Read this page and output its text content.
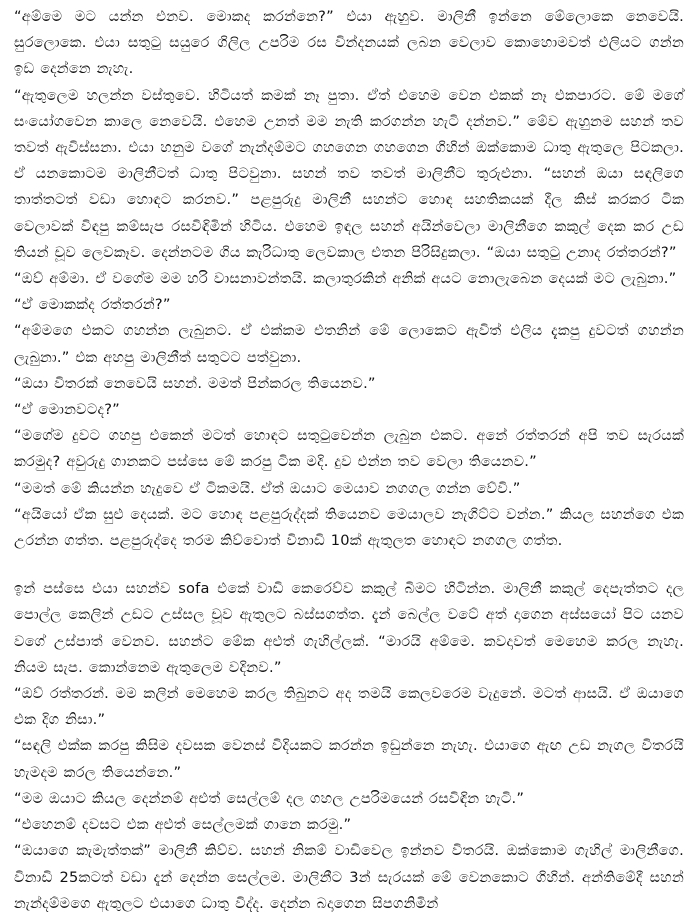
“අම්මෙ මට යන්න එනව. මොකද කරන්නෙ?” එයා ඇහුව. මාලිනී ඉන්නෙ මේලොකෙ නෙවෙයි. සුරලොකෙ. එයා සතුටු සයුරෙ ගිලිල උපරිම රස වින්දනයක් ලබන වෙලාව කොහොමවත් එලියට ගන්න ඉඩ දෙන්නෙ නැහැ.

“ඇතුලෙම හලන්න වස්තුවෙ. හිටියත් කමක් නෑ පුතා. ඒත් එහෙම වෙන එකක් නෑ එකපාරට. මේ මගේ සංයෝගවෙන කාලෙ නෙවෙයි. එහෙම උනත් මම නැති කරගන්න හැටි දන්නව.” මේව ඇහුනම සහන් තව තවත් ඇවිස්සනා. එයා හනුම වගේ නැන්දම්මට ගහගෙන ගහගෙන ගිහින් ඔක්කොම ධාතු ඇතුලෙ පිටකලා. ඒ යනකොටම මාලිනීටත් ධාතු පිටවුනා. සහන් තව තවත් මාලිනීට තුරුළුනා. “සහන් ඔයා සඳලිගෙ තාත්තටත් වඩා හොඳට කරනව.” පළපුරුදු මාලිනී සහන්ට හොඳ සහතිකයක් දීල කිස් කරකර ටික වෙලාවක් විඳපු කම්සැප රසවිඳිමින් හිටිය. එහෙම ඉඳල සහන් අයින්වෙලා මාලිනීගෙ කකුල් දෙක කර උඩ තියන් චූව ලෙවකෑව. දෙන්නටම ගිය කැරිධාතු ලෙවකාල එතන පිරිසිදුකලා. “ඔයා සතුටු උනාද රත්තරන්?”

“ඔව් අම්මා. ඒ වගේම මම හරි වාසනාවන්තයි. කලාතුරකින් අනික් අයට නොලැබෙන දෙයක් මට ලැබුනා.”

“ඒ මොකක්ද රත්තරන්?”

“අම්මගෙ එකට ගහන්න ලැබුනට. ඒ එක්කම එතනින් මේ ලොකෙට ඇවිත් එලිය දැකපු දුවටත් ගහන්න ලැබුනා.” එක අහපු මාලිනීත් සතුටට පත්වුනා.

“ඔයා විතරක් නෙවෙයි සහන්. මමත් පින්කරල තියෙනව.”

“ඒ මොනවටද?”

“මගේම දුවට ගහපු එකෙන් මටත් හොඳට සතුටුවෙන්න ලැබුන එකට. අනේ රත්තරන් අපි තව සැරයක් කරමුද? අවුරුදු ගානකට පස්සෙ මේ කරපු ටික මදි. දුව එන්න තව වෙලා තියෙනව.”

“මමත් මේ කියන්න හැදුවෙ ඒ ටිකමයි. ඒත් ඔයාට මෙයාව නගගල ගන්න වේවි.”

“අයියෝ ඒක සුළු දෙයක්. මට හොඳ පළපුරුද්දක් තියෙනව මෙයාලව නැගිට්ට වන්න.” කියල සහන්ගෙ එක උරන්න ගත්ත. පළපුරුද්දෙ තරම කිව්වොත් විනාඩි 10ක් ඇතුලත හොඳට නගගල ගත්ත.

ඉන් පස්සෙ එයා සහන්ව sofa එකේ වාඩි කෙරෙව්ව කකුල් බිමට හිටින්න. මාලිනී කකුල් දෙපැත්තට දල පොල්ල කෙලින් උඩට උස්සල චූව ඇතුලට බස්සගත්ත. දැන් බෙල්ල වටේ අත් දාගෙන අස්සයෝ පිට යනව වගේ උස්පාත් වෙනව. සහන්ට මේක අළුත් ගැහිල්ලක්. “මාරයි අම්මෙ. කවදාවත් මෙහෙම කරල නැහැ. නියම සැප. කොන්නෙම ඇතුලෙම වදිනව.”

“ඔව් රත්තරන්. මම කලින් මෙහෙම කරල තිබුනට අද තමයි කෙලවරෙම වැදුනේ. මටත් ආසයි. ඒ ඔයාගෙ එක දිග නිසා.”

“සඳලි එක්ක කරපු කිසිම දවසක වෙනස් විදියකට කරන්න ඉඩුන්නෙ නැහැ. එයාගෙ ඇඟ උඩ නැගල විතරයි හැමදම කරල තියෙන්නෙ.”

“මම ඔයාට කියල දෙන්නම් අළුත් සෙල්ලම් දල ගහල උපරිමයෙන් රසවිඳින හැටි.”

“එහෙනම් දවසට එක අළුත් සෙල්ලමක් ගානෙ කරමු.”

“ඔයාගෙ කැමැත්තක්” මාලිනී කිව්ව. සහන් නිකම් වාඩිවෙල ඉන්නව විතරයි. ඔක්කොම ගැහිල් මාලිනීගෙ. විනාඩි 25කටත් වඩා දැන් දෙන්න සෙල්ලම. මාලිනීට 3න් සැරයක් මේ වෙනකොට ගිහින්. අන්තිමේදී සහන් නැන්දම්මගෙ ඇතුලට එයාගෙ ධාතු විද්ද. දෙන්න බදාගෙන සිපගනිමින්
